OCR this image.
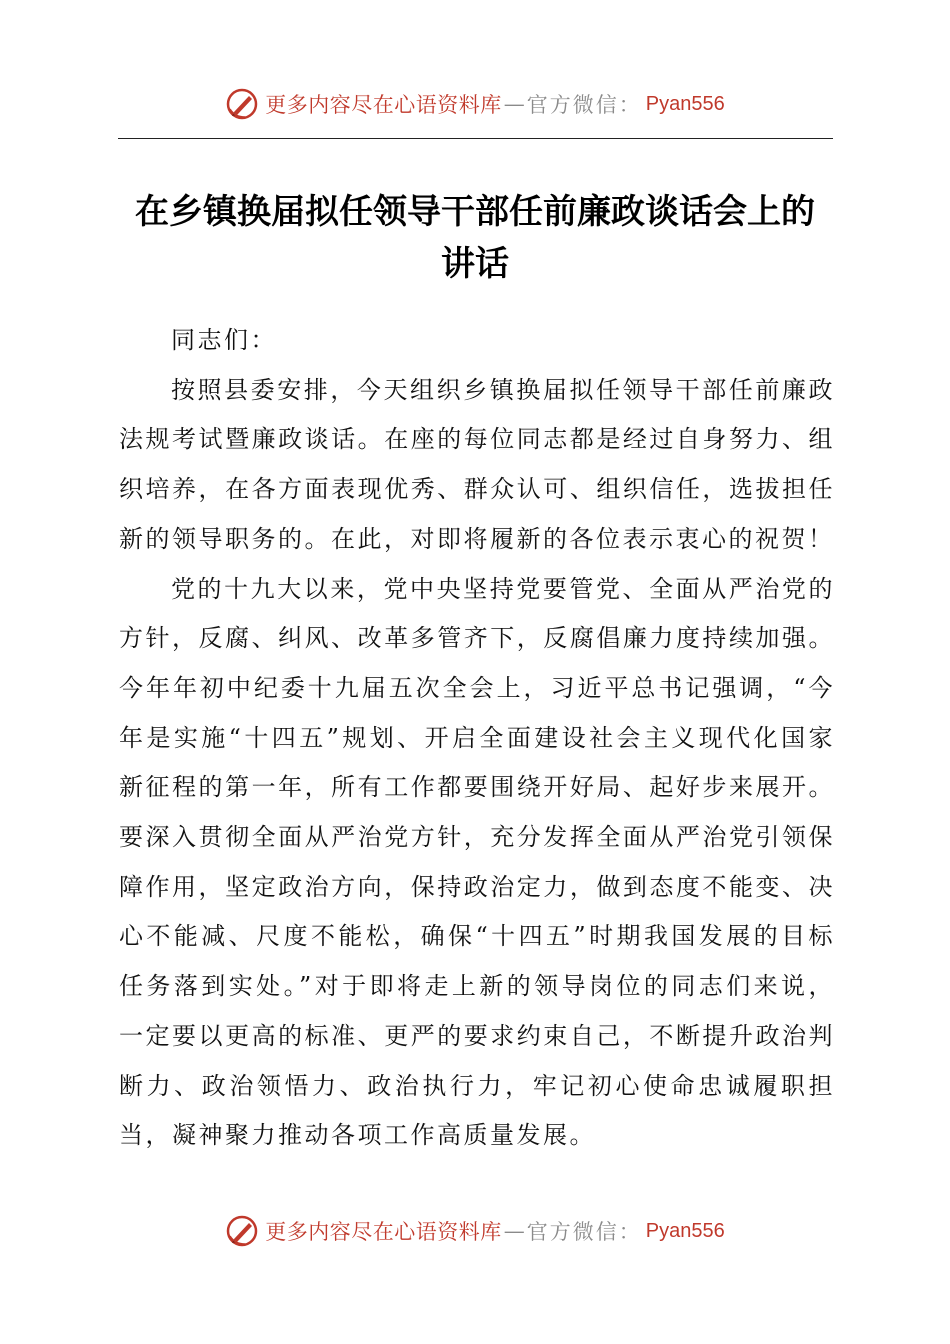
更多内容尽在心语资料库 — 官方微信： Pyan556
在乡镇换届拟任领导干部任前廉政谈话会上的
讲话

同志们：

按照县委安排，今天组织乡镇换届拟任领导干部任前廉政法规考试暨廉政谈话。在座的每位同志都是经过自身努力、组织培养，在各方面表现优秀、群众认可、组织信任，选拔担任新的领导职务的。在此，对即将履新的各位表示衷心的祝贺！

党的十九大以来，党中央坚持党要管党、全面从严治党的方针，反腐、纠风、改革多管齐下，反腐倡廉力度持续加强。今年年初中纪委十九届五次全会上，习近平总书记强调，“今年是实施“十四五”规划、开启全面建设社会主义现代化国家新征程的第一年，所有工作都要围绕开好局、起好步来展开。要深入贯彻全面从严治党方针，充分发挥全面从严治党引领保障作用，坚定政治方向，保持政治定力，做到态度不能变、决心不能减、尺度不能松，确保“十四五”时期我国发展的目标任务落到实处。”对于即将走上新的领导岗位的同志们来说，一定要以更高的标准、更严的要求约束自己，不断提升政治判断力、政治领悟力、政治执行力，牢记初心使命忠诚履职担当，凝神聚力推动各项工作高质量发展。

更多内容尽在心语资料库 — 官方微信： Pyan556
